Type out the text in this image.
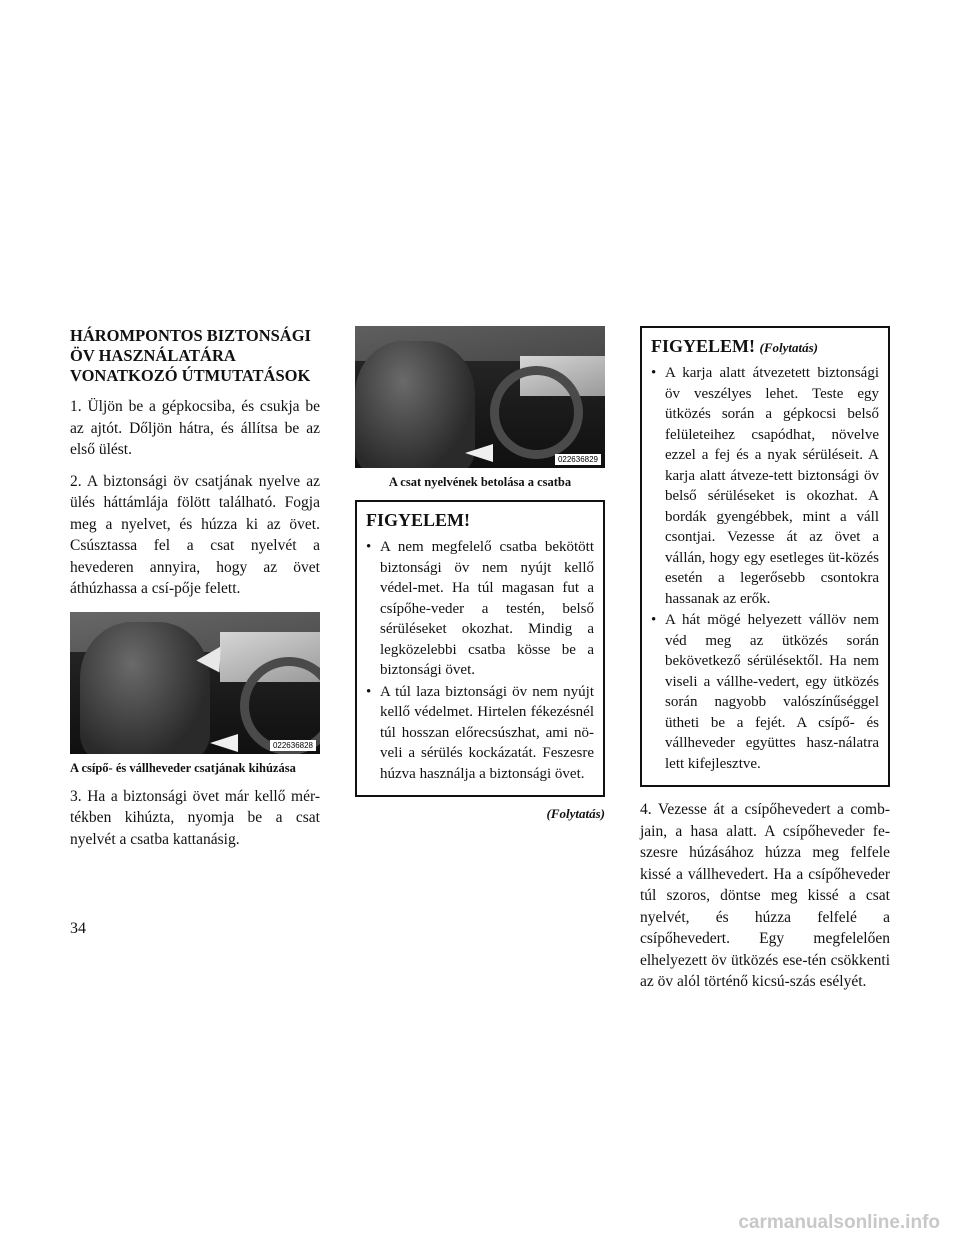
HÁROMPONTOS BIZTONSÁGI ÖV HASZNÁLATÁRA VONATKOZÓ ÚTMUTATÁSOK

1. Üljön be a gépkocsiba, és csukja be az ajtót. Dőljön hátra, és állítsa be az első ülést.

2. A biztonsági öv csatjának nyelve az ülés háttámlája fölött található. Fogja meg a nyelvet, és húzza ki az övet. Csúsztassa fel a csat nyelvét a hevederen annyira, hogy az övet áthúzhassa a csí-pője felett.

022636828
A csípő- és vállheveder csatjának kihúzása

3. Ha a biztonsági övet már kellő mér-tékben kihúzta, nyomja be a csat nyelvét a csatba kattanásig.

022636829
A csat nyelvének betolása a csatba
FIGYELEM!
• A nem megfelelő csatba bekötött biztonsági öv nem nyújt kellő védel-met. Ha túl magasan fut a csípőhe-veder a testén, belső sérüléseket okozhat. Mindig a legközelebbi csatba kösse be a biztonsági övet.
• A túl laza biztonsági öv nem nyújt kellő védelmet. Hirtelen fékezésnél túl hosszan előrecsúszhat, ami nö-veli a sérülés kockázatát. Feszesre húzva használja a biztonsági övet.
(Folytatás)
FIGYELEM! (Folytatás)
• A karja alatt átvezetett biztonsági öv veszélyes lehet. Teste egy ütközés során a gépkocsi belső felületeihez csapódhat, növelve ezzel a fej és a nyak sérüléseit. A karja alatt átveze-tett biztonsági öv belső sérüléseket is okozhat. A bordák gyengébbek, mint a váll csontjai. Vezesse át az övet a vállán, hogy egy esetleges üt-közés esetén a legerősebb csontokra hassanak az erők.
• A hát mögé helyezett vállöv nem véd meg az ütközés során bekövetkező sérülésektől. Ha nem viseli a vállhe-vedert, egy ütközés során nagyobb valószínűséggel ütheti be a fejét. A csípő- és vállheveder együttes hasz-nálatra lett kifejlesztve.

4. Vezesse át a csípőhevedert a comb-jain, a hasa alatt. A csípőheveder fe-szesre húzásához húzza meg felfele kissé a vállhevedert. Ha a csípőheveder túl szoros, döntse meg kissé a csat nyelvét, és húzza felfelé a csípőhevedert. Egy megfelelően elhelyezett öv ütközés ese-tén csökkenti az öv alól történő kicsú-szás esélyét.

34
carmanualsonline.info
